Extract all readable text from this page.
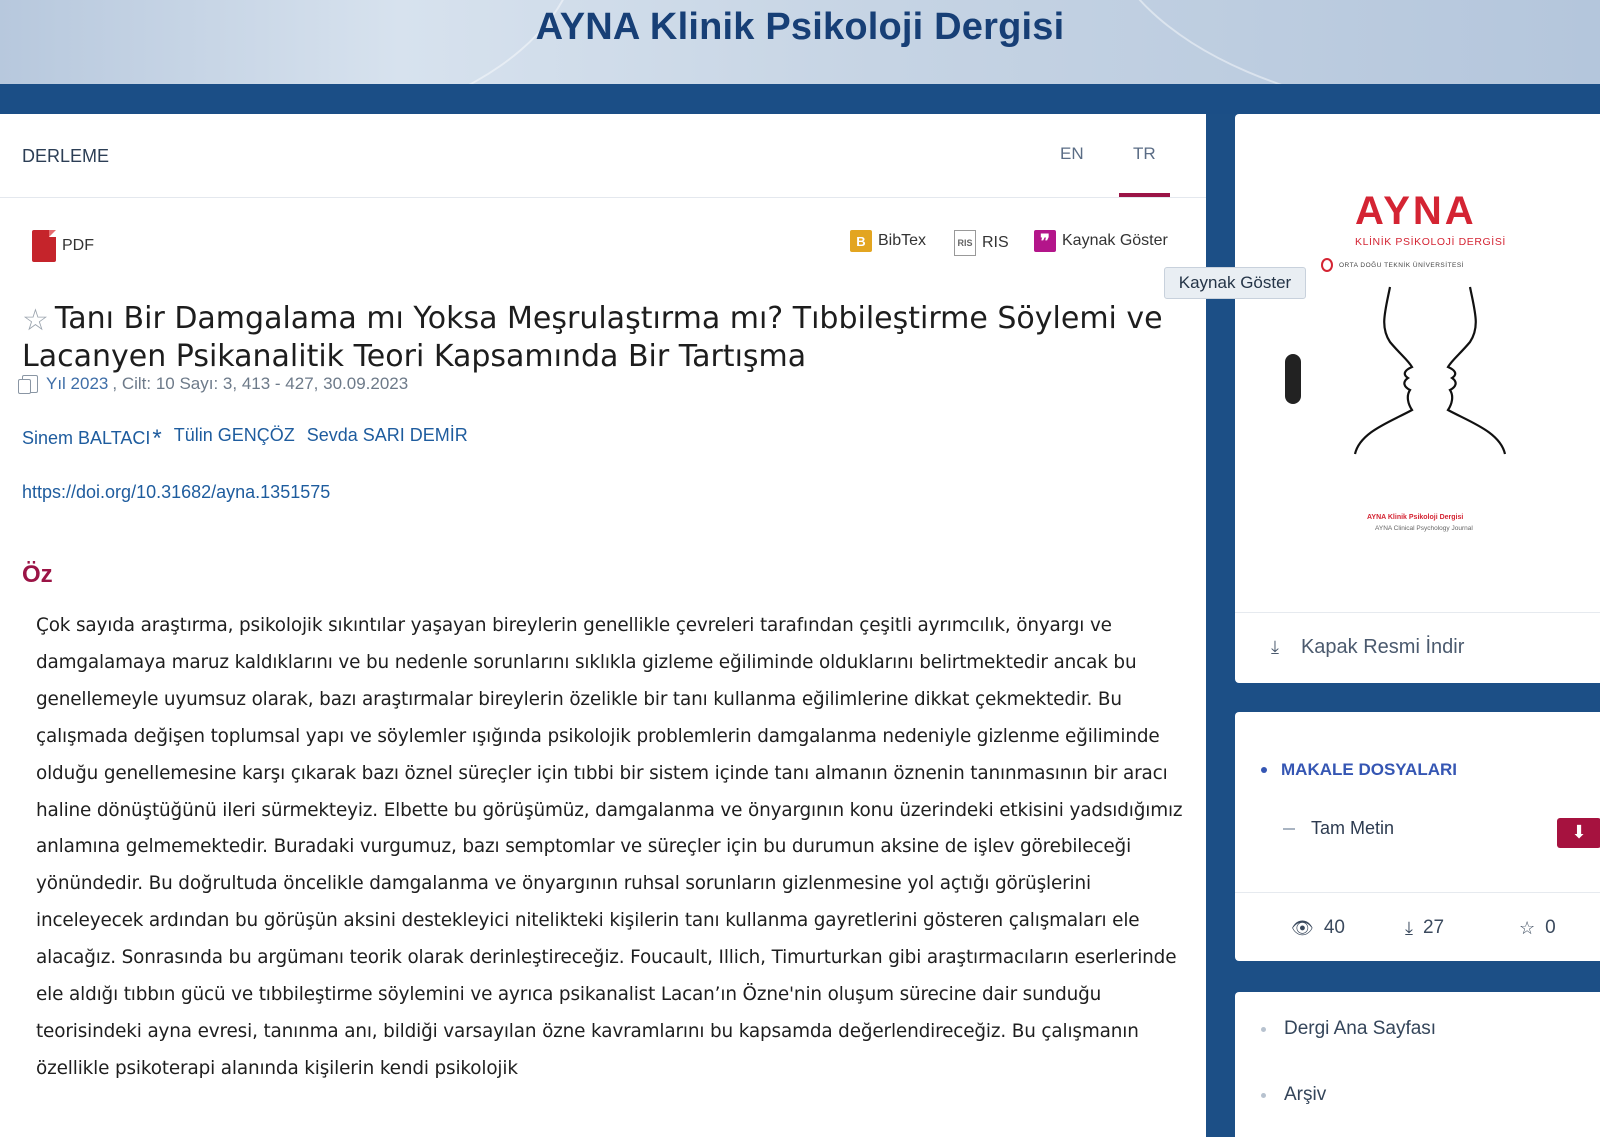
AYNA Klinik Psikoloji Dergisi
DERLEME	EN	TR
PDF	B BibTex	RIS RIS	❞ Kaynak Göster
☆ Tanı Bir Damgalama mı Yoksa Meşrulaştırma mı? Tıbbileştirme Söylemi ve Lacanyen Psikanalitik Teori Kapsamında Bir Tartışma
Yıl 2023 , Cilt: 10 Sayı: 3, 413 - 427, 30.09.2023
Sinem BALTACI* Tülin GENÇÖZ Sevda SARI DEMİR
https://doi.org/10.31682/ayna.1351575
Öz
Çok sayıda araştırma, psikolojik sıkıntılar yaşayan bireylerin genellikle çevreleri tarafından çeşitli ayrımcılık, önyargı ve damgalamaya maruz kaldıklarını ve bu nedenle sorunlarını sıklıkla gizleme eğiliminde olduklarını belirtmektedir ancak bu genellemeyle uyumsuz olarak, bazı araştırmalar bireylerin özelikle bir tanı kullanma eğilimlerine dikkat çekmektedir. Bu çalışmada değişen toplumsal yapı ve söylemler ışığında psikolojik problemlerin damgalanma nedeniyle gizlenme eğiliminde olduğu genellemesine karşı çıkarak bazı öznel süreçler için tıbbi bir sistem içinde tanı almanın öznenin tanınmasının bir aracı haline dönüştüğünü ileri sürmekteyiz. Elbette bu görüşümüz, damgalanma ve önyargının konu üzerindeki etkisini yadsıdığımız anlamına gelmemektedir. Buradaki vurgumuz, bazı semptomlar ve süreçler için bu durumun aksine de işlev görebileceği yönündedir. Bu doğrultuda öncelikle damgalanma ve önyargının ruhsal sorunların gizlenmesine yol açtığı görüşlerini inceleyecek ardından bu görüşün aksini destekleyici nitelikteki kişilerin tanı kullanma gayretlerini gösteren çalışmaları ele alacağız. Sonrasında bu argümanı teorik olarak derinleştireceğiz. Foucault, Illich, Timurturkan gibi araştırmacıların eserlerinde ele aldığı tıbbın gücü ve tıbbileştirme söylemini ve ayrıca psikanalist Lacan’ın Özne'nin oluşum sürecine dair sunduğu teorisindeki ayna evresi, tanınma anı, bildiği varsayılan özne kavramlarını bu kapsamda değerlendireceğiz. Bu çalışmanın özellikle psikoterapi alanında kişilerin kendi psikolojik
Kaynak Göster
AYNA
KLİNİK PSİKOLOJİ DERGİSİ
ORTA DOĞU TEKNİK ÜNİVERSİTESİ
AYNA Klinik Psikoloji Dergisi
AYNA Clinical Psychology Journal
⤓ Kapak Resmi İndir
MAKALE DOSYALARI
Tam Metin	⬇
👁 40	⤓ 27	☆ 0
Dergi Ana Sayfası
Arşiv
